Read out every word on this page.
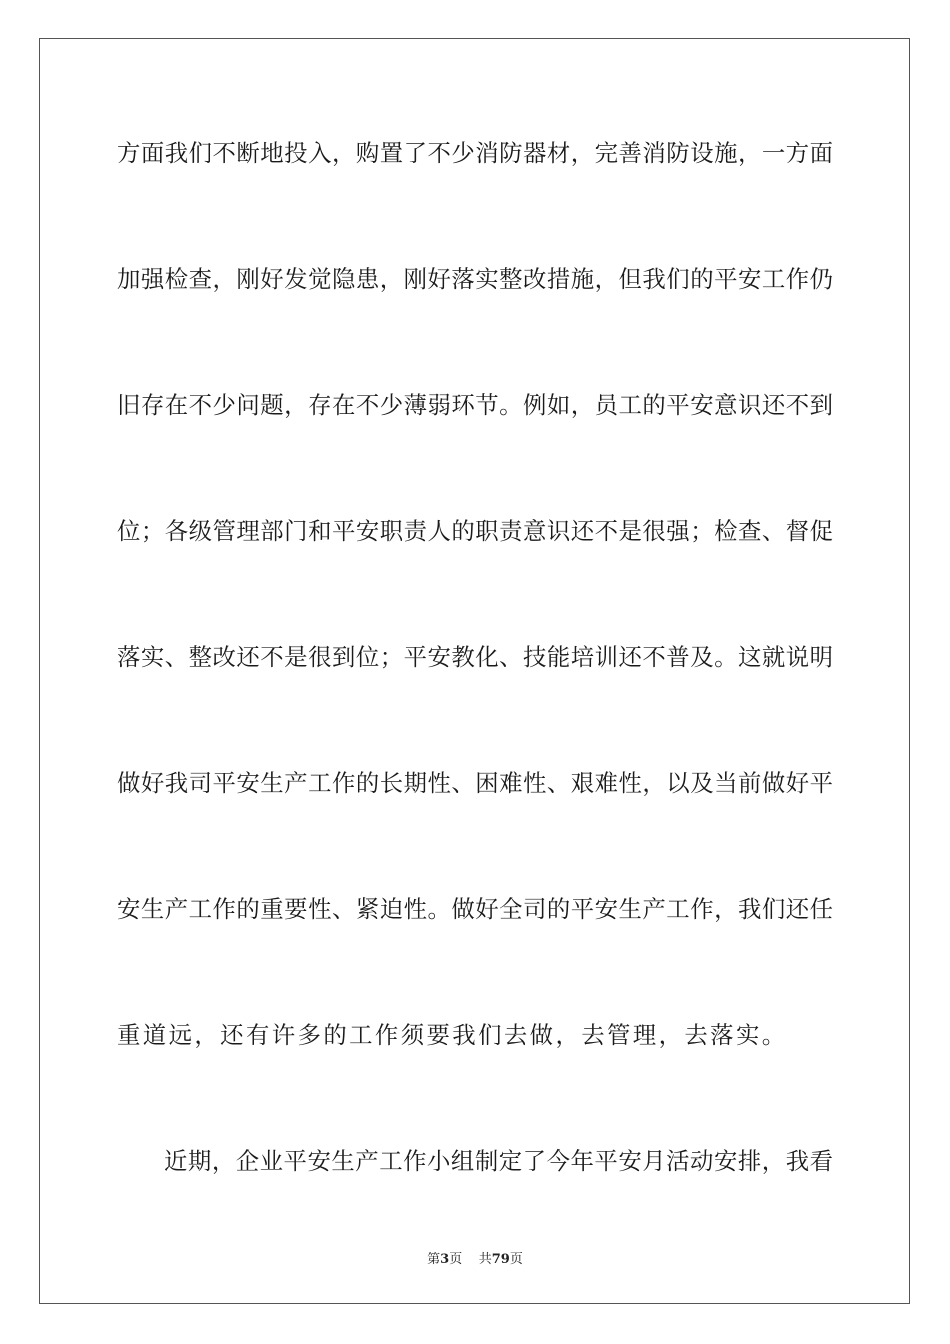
方面我们不断地投入，购置了不少消防器材，完善消防设施，一方面
加强检查，刚好发觉隐患，刚好落实整改措施，但我们的平安工作仍
旧存在不少问题，存在不少薄弱环节。例如，员工的平安意识还不到
位；各级管理部门和平安职责人的职责意识还不是很强；检查、督促
落实、整改还不是很到位；平安教化、技能培训还不普及。这就说明
做好我司平安生产工作的长期性、困难性、艰难性，以及当前做好平
安生产工作的重要性、紧迫性。做好全司的平安生产工作，我们还任
重道远，还有许多的工作须要我们去做，去管理，去落实。
近期，企业平安生产工作小组制定了今年平安月活动安排，我看
第3页 共79页
